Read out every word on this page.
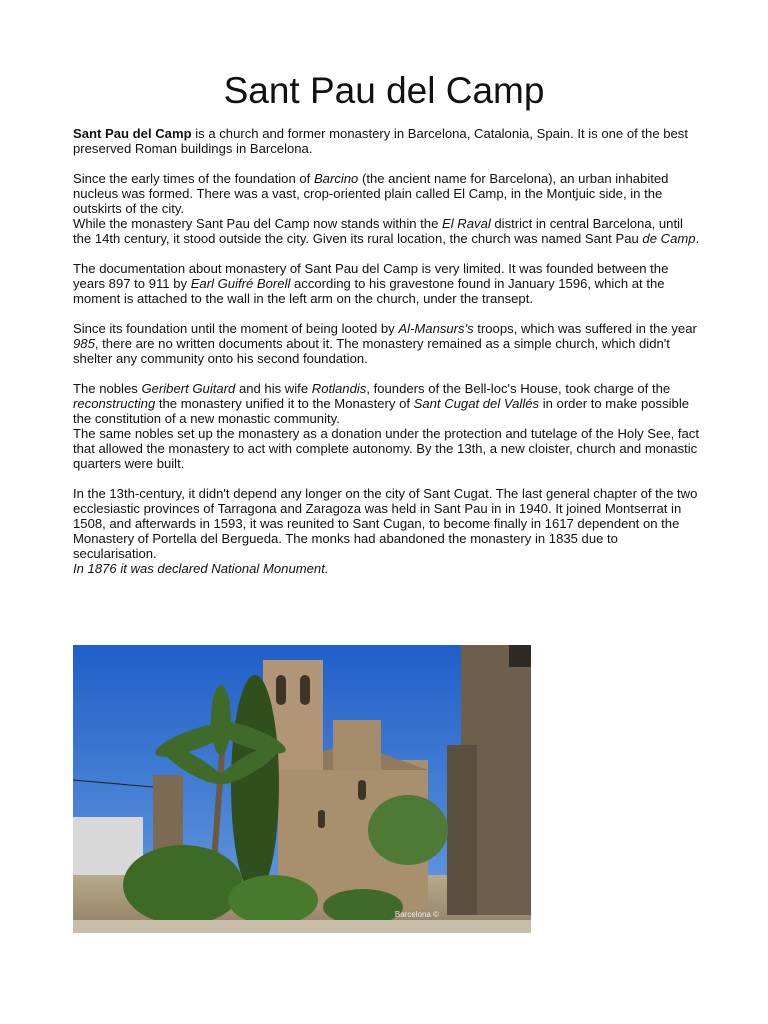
Sant Pau del Camp

Sant Pau del Camp is a church and former monastery in Barcelona, Catalonia, Spain. It is one of the best preserved Roman buildings in Barcelona.

Since the early times of the foundation of Barcino (the ancient name for Barcelona), an urban inhabited nucleus was formed. There was a vast, crop-oriented plain called El Camp, in the Montjuic side, in the outskirts of the city.

While the monastery Sant Pau del Camp now stands within the El Raval district in central Barcelona, until the 14th century, it stood outside the city. Given its rural location, the church was named Sant Pau de Camp.

The documentation about monastery of Sant Pau del Camp is very limited. It was founded between the years 897 to 911 by Earl Guifré Borell according to his gravestone found in January 1596, which at the moment is attached to the wall in the left arm on the church, under the transept.

Since its foundation until the moment of being looted by Al-Mansurs's troops, which was suffered in the year 985, there are no written documents about it. The monastery remained as a simple church, which didn't shelter any community onto his second foundation.

The nobles Geribert Guitard and his wife Rotlandis, founders of the Bell-loc's House, took charge of the reconstructing the monastery unified it to the Monastery of Sant Cugat del Vallés in order to make possible the constitution of a new monastic community.

The same nobles set up the monastery as a donation under the protection and tutelage of the Holy See, fact that allowed the monastery to act with complete autonomy. By the 13th, a new cloister, church and monastic quarters were built.

In the 13th-century, it didn't depend any longer on the city of Sant Cugat. The last general chapter of the two ecclesiastic provinces of Tarragona and Zaragoza was held in Sant Pau in in 1940. It joined Montserrat in 1508, and afterwards in 1593, it was reunited to Sant Cugan, to become finally in 1617 dependent on the Monastery of Portella del Bergueda. The monks had abandoned the monastery in 1835 due to secularisation.

In 1876 it was declared National Monument.

Barcelona ©
